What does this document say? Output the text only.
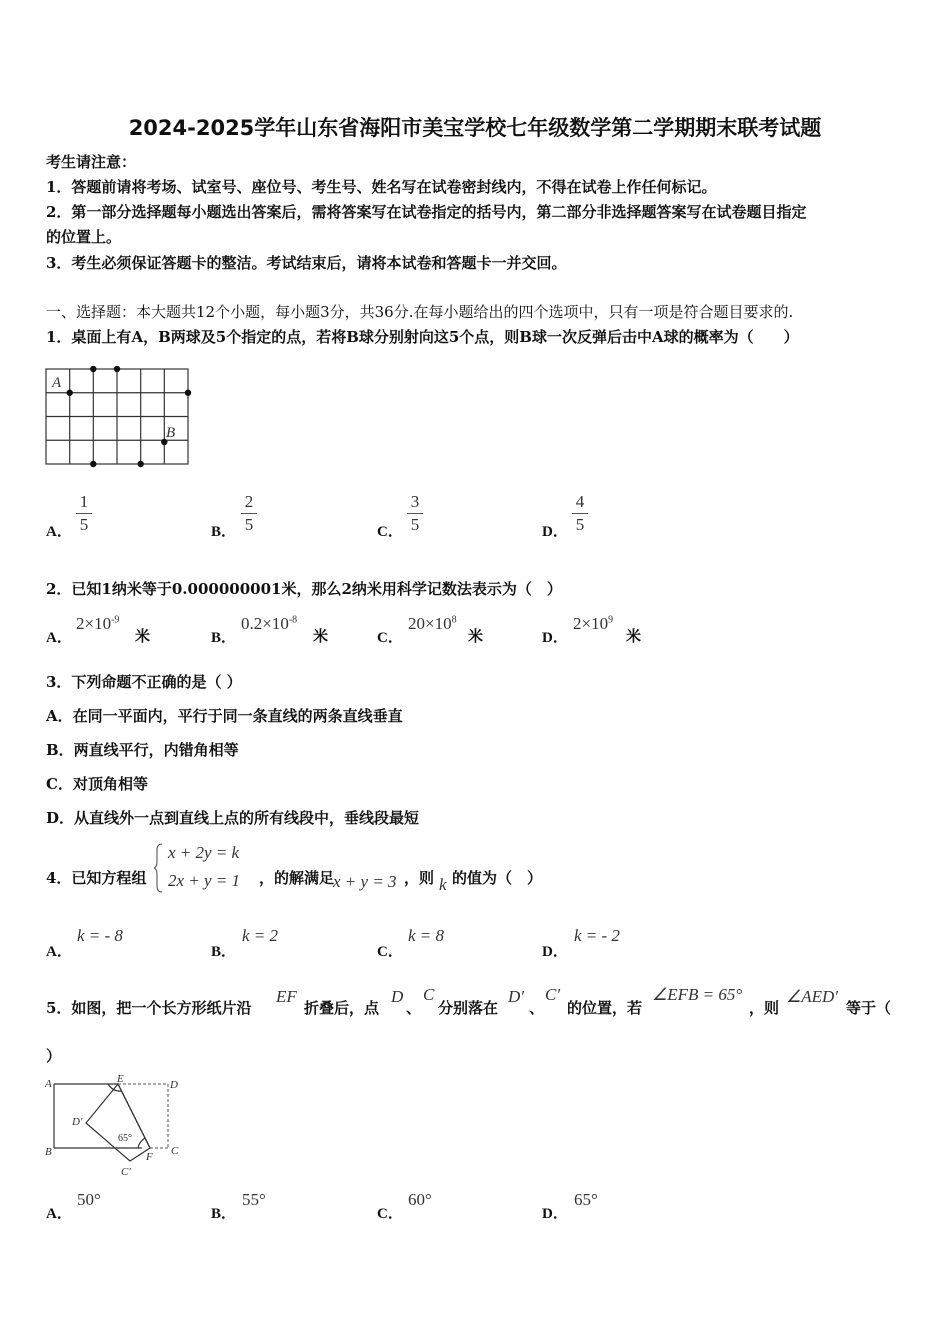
2024-2025学年山东省海阳市美宝学校七年级数学第二学期期末联考试题
考生请注意：
1．答题前请将考场、试室号、座位号、考生号、姓名写在试卷密封线内，不得在试卷上作任何标记。
2．第一部分选择题每小题选出答案后，需将答案写在试卷指定的括号内，第二部分非选择题答案写在试卷题目指定
的位置上。
3．考生必须保证答题卡的整洁。考试结束后，请将本试卷和答题卡一并交回。
一、选择题：本大题共12个小题，每小题3分，共36分.在每小题给出的四个选项中，只有一项是符合题目要求的.
1．桌面上有A，B两球及5个指定的点，若将B球分别射向这5个点，则B球一次反弹后击中A球的概率为（　　）
A
B
A．
1
5	B．
2
5	C．
3
5	D．
4
5
2．已知1纳米等于0.000000001米，那么2纳米用科学记数法表示为（　）
A．
$2\times 10^{-9}$
米	B．
$0.2\times 10^{-8}$
米	C．
$20\times 10^8$
米	D．
$2\times 10^9$
米
3．下列命题不正确的是（ ）
A．在同一平面内，平行于同一条直线的两条直线垂直
B．两直线平行，内错角相等
C．对顶角相等
D．从直线外一点到直线上点的所有线段中，垂线段最短
4．已知方程组
x + 2y = k
2x + y = 1 ，的解满足
x + y = 3 ，则 k 的值为（　）
A．
k = - 8
B．
k = 2
C．
k = 8
D．
k = - 2
5．如图，把一个长方形纸片沿
EF
折叠后，点
D
、
C
分别落在
D′
、
C′
的位置，若
∠EFB = 65°
，则
∠AED′
等于（
）
A
B	C
D
E
F
D′
C′
65°
A．
50°
B．
55°
C．
60°
D．
65°
